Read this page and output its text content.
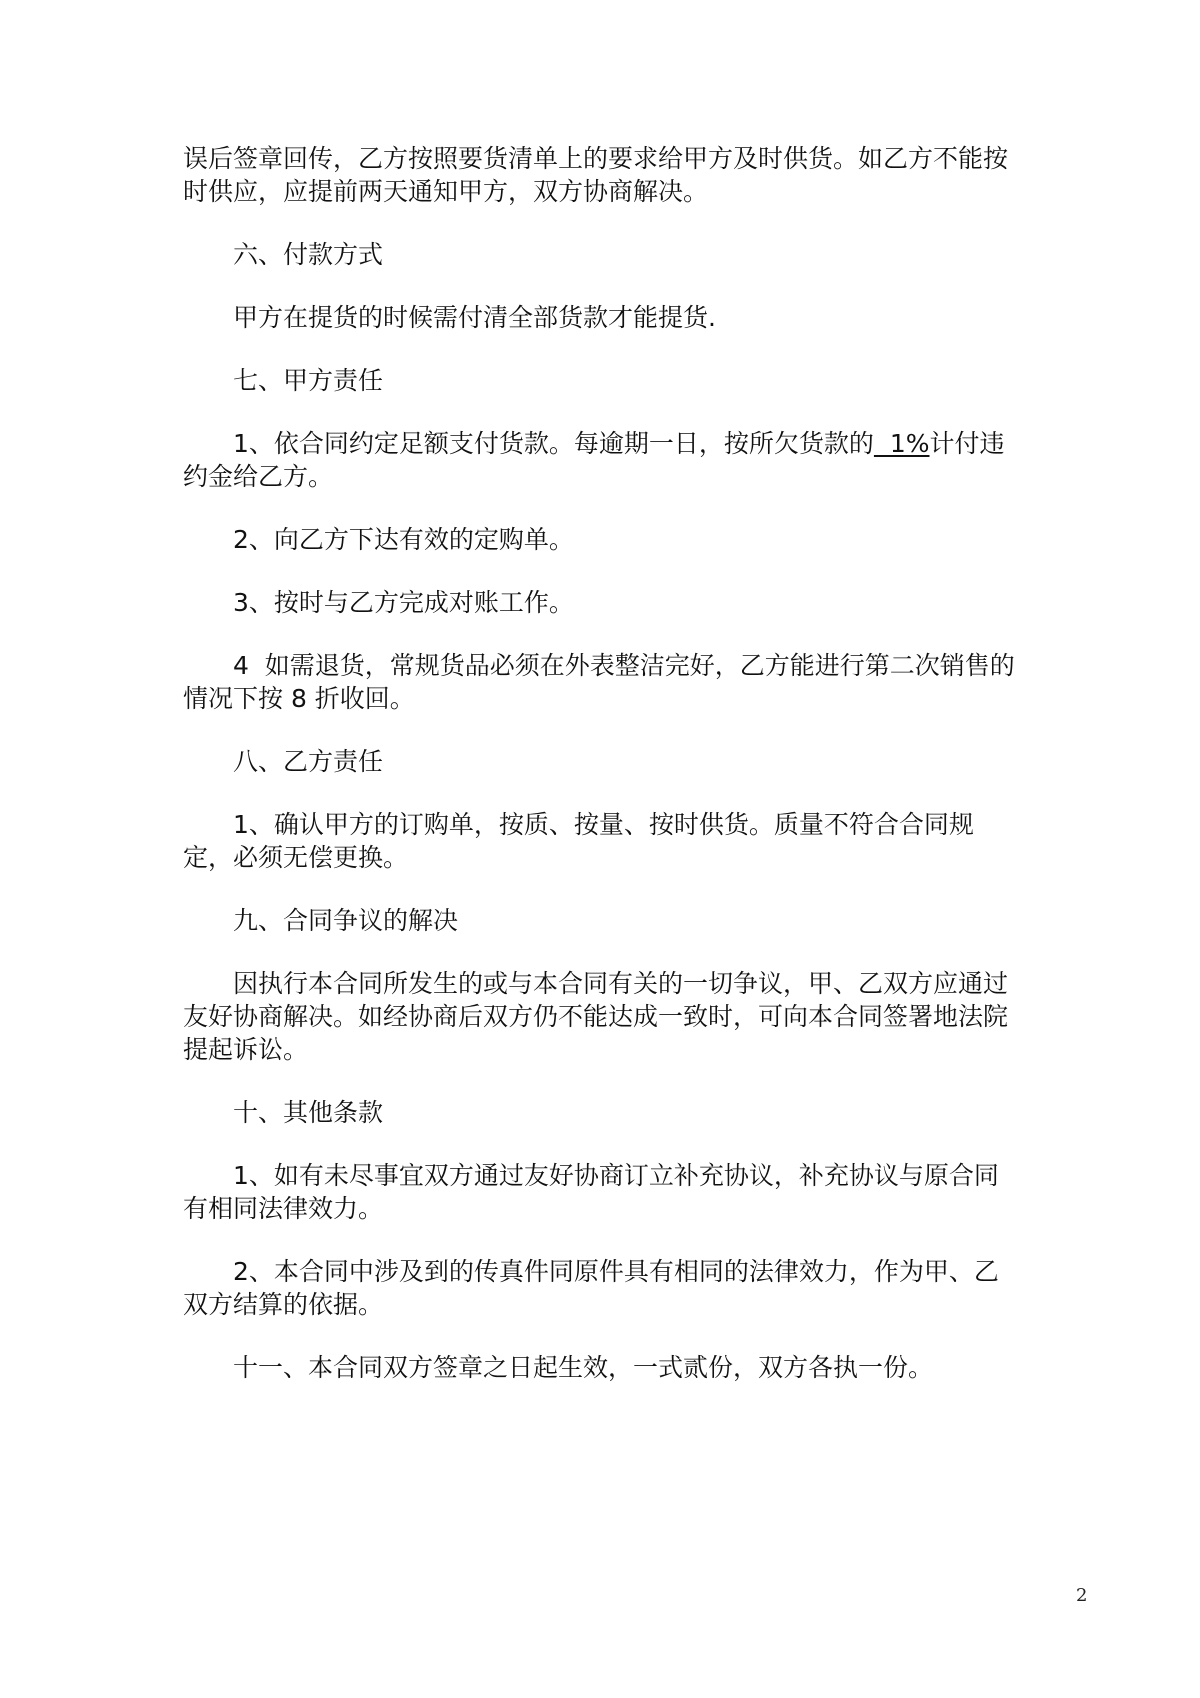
误后签章回传，乙方按照要货清单上的要求给甲方及时供货。如乙方不能按时供应，应提前两天通知甲方，双方协商解决。

六、付款方式

甲方在提货的时候需付清全部货款才能提货.

七、甲方责任

1、依合同约定足额支付货款。每逾期一日，按所欠货款的  1%计付违约金给乙方。

2、向乙方下达有效的定购单。

3、按时与乙方完成对账工作。

4  如需退货，常规货品必须在外表整洁完好，乙方能进行第二次销售的情况下按 8 折收回。

八、乙方责任

1、确认甲方的订购单，按质、按量、按时供货。质量不符合合同规定，必须无偿更换。

九、合同争议的解决

因执行本合同所发生的或与本合同有关的一切争议，甲、乙双方应通过友好协商解决。如经协商后双方仍不能达成一致时，可向本合同签署地法院提起诉讼。

十、其他条款

1、如有未尽事宜双方通过友好协商订立补充协议，补充协议与原合同有相同法律效力。

2、本合同中涉及到的传真件同原件具有相同的法律效力，作为甲、乙双方结算的依据。

十一、本合同双方签章之日起生效，一式贰份，双方各执一份。

2
